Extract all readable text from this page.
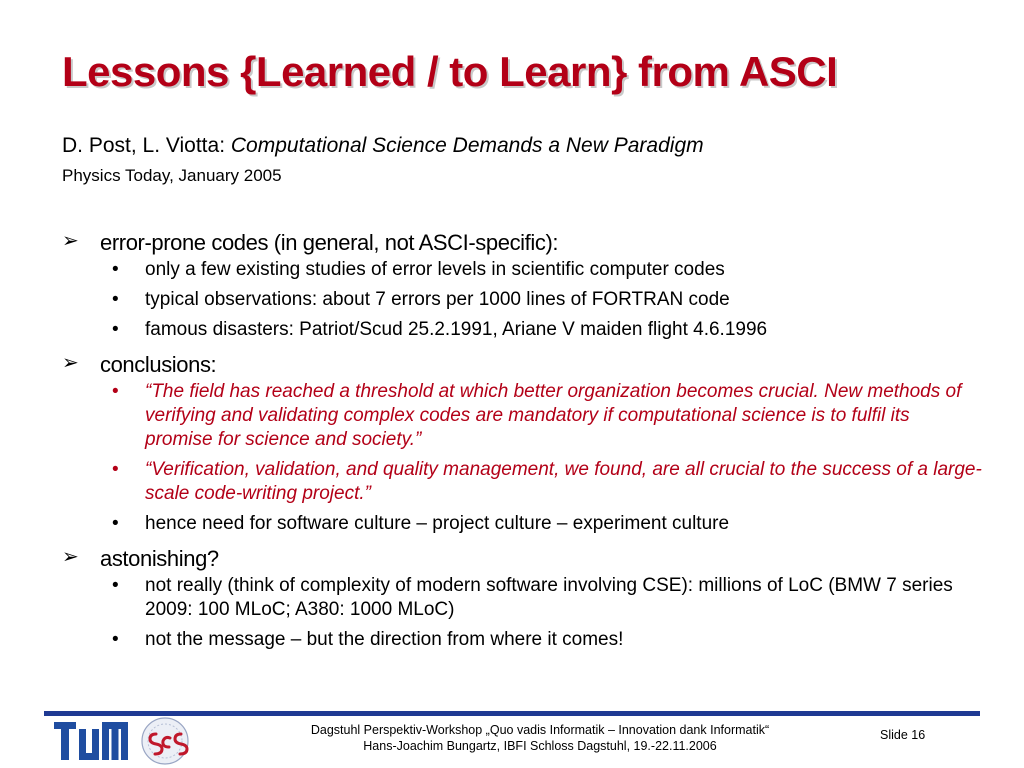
Lessons {Learned / to Learn} from ASCI
D. Post, L. Viotta: Computational Science Demands a New Paradigm
Physics Today, January 2005
➢ error-prone codes (in general, not ASCI-specific):
• only a few existing studies of error levels in scientific computer codes
• typical observations: about 7 errors per 1000 lines of FORTRAN code
• famous disasters: Patriot/Scud 25.2.1991, Ariane V maiden flight 4.6.1996
➢ conclusions:
• “The field has reached a threshold at which better organization becomes crucial. New methods of verifying and validating complex codes are mandatory if computational science is to fulfil its promise for science and society.”
• “Verification, validation, and quality management, we found, are all crucial to the success of a large-scale code-writing project.”
• hence need for software culture – project culture – experiment culture
➢ astonishing?
• not really (think of complexity of modern software involving CSE): millions of LoC (BMW 7 series 2009: 100 MLoC; A380: 1000 MLoC)
• not the message – but the direction from where it comes!
Dagstuhl Perspektiv-Workshop „Quo vadis Informatik – Innovation dank Informatik“
Hans-Joachim Bungartz, IBFI Schloss Dagstuhl, 19.-22.11.2006
Slide 16
